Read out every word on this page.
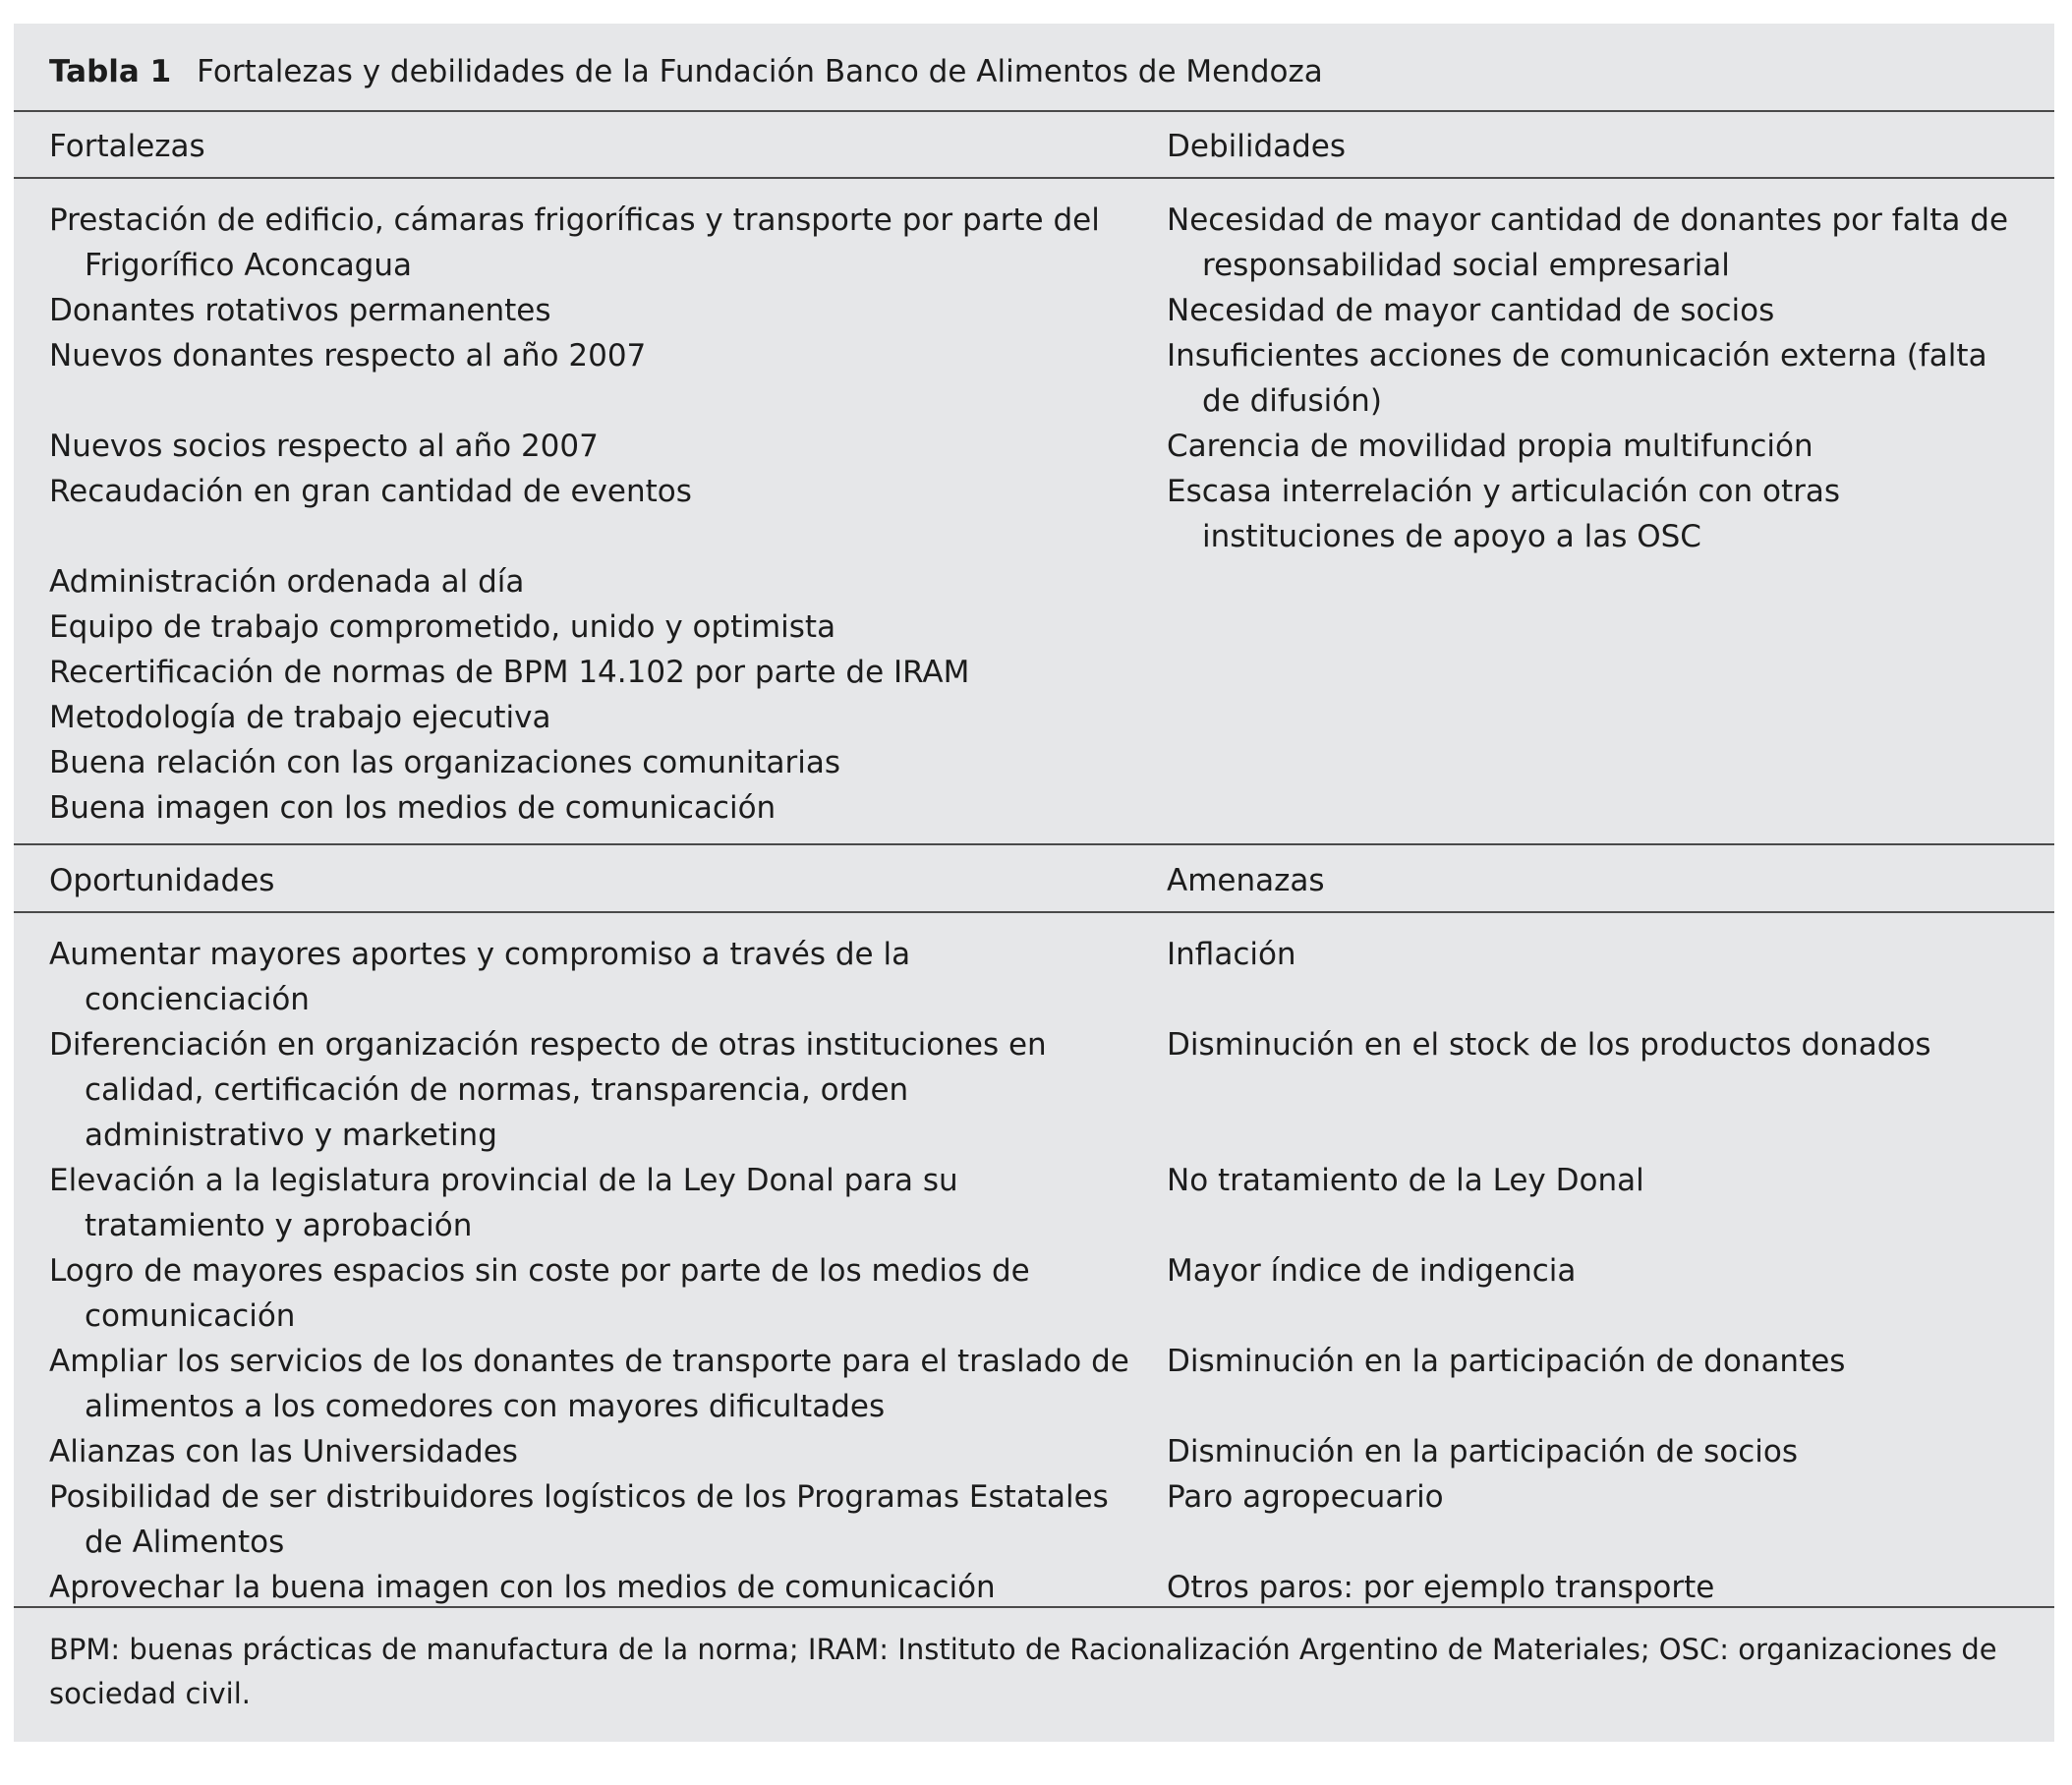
Tabla 1 Fortalezas y debilidades de la Fundación Banco de Alimentos de Mendoza
Fortalezas	Debilidades
Prestación de edificio, cámaras frigoríficas y transporte por parte del Frigorífico Aconcagua
Donantes rotativos permanentes
Nuevos donantes respecto al año 2007
Nuevos socios respecto al año 2007
Recaudación en gran cantidad de eventos
Administración ordenada al día
Equipo de trabajo comprometido, unido y optimista
Recertificación de normas de BPM 14.102 por parte de IRAM
Metodología de trabajo ejecutiva
Buena relación con las organizaciones comunitarias
Buena imagen con los medios de comunicación
Necesidad de mayor cantidad de donantes por falta de responsabilidad social empresarial
Necesidad de mayor cantidad de socios
Insuficientes acciones de comunicación externa (falta de difusión)
Carencia de movilidad propia multifunción
Escasa interrelación y articulación con otras instituciones de apoyo a las OSC
Oportunidades	Amenazas
Aumentar mayores aportes y compromiso a través de la concienciación
Diferenciación en organización respecto de otras instituciones en calidad, certificación de normas, transparencia, orden administrativo y marketing
Elevación a la legislatura provincial de la Ley Donal para su tratamiento y aprobación
Logro de mayores espacios sin coste por parte de los medios de comunicación
Ampliar los servicios de los donantes de transporte para el traslado de alimentos a los comedores con mayores dificultades
Alianzas con las Universidades
Posibilidad de ser distribuidores logísticos de los Programas Estatales de Alimentos
Aprovechar la buena imagen con los medios de comunicación
Inflación
Disminución en el stock de los productos donados
No tratamiento de la Ley Donal
Mayor índice de indigencia
Disminución en la participación de donantes
Disminución en la participación de socios
Paro agropecuario
Otros paros: por ejemplo transporte
BPM: buenas prácticas de manufactura de la norma; IRAM: Instituto de Racionalización Argentino de Materiales; OSC: organizaciones de sociedad civil.
